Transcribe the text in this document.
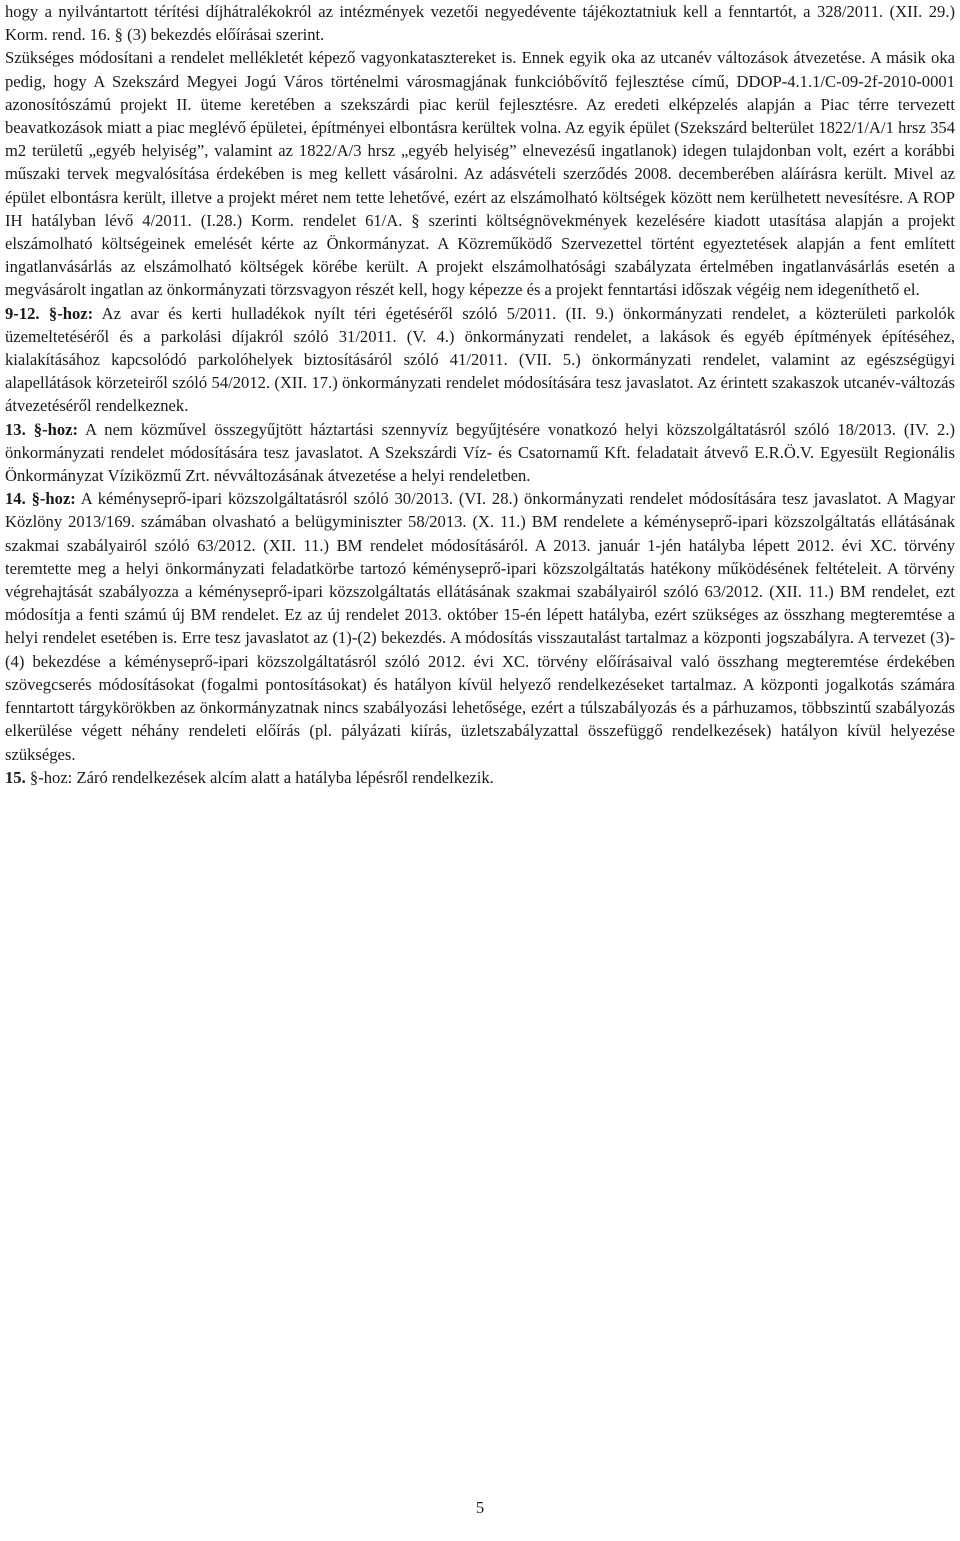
hogy a nyilvántartott térítési díjhátralékokról az intézmények vezetői negyedévente tájékoztatniuk kell a fenntartót, a 328/2011. (XII. 29.) Korm. rend. 16. § (3) bekezdés előírásai szerint.

Szükséges módosítani a rendelet mellékletét képező vagyonkatasztereket is. Ennek egyik oka az utcanév változások átvezetése. A másik oka pedig, hogy A Szekszárd Megyei Jogú Város történelmi városmagjának funkcióbővítő fejlesztése című, DDOP-4.1.1/C-09-2f-2010-0001 azonosítószámú projekt II. üteme keretében a szekszárdi piac kerül fejlesztésre. Az eredeti elképzelés alapján a Piac térre tervezett beavatkozások miatt a piac meglévő épületei, építményei elbontásra kerültek volna. Az egyik épület (Szekszárd belterület 1822/1/A/1 hrsz 354 m2 területű „egyéb helyiség”, valamint az 1822/A/3 hrsz „egyéb helyiség” elnevezésű ingatlanok) idegen tulajdonban volt, ezért a korábbi műszaki tervek megvalósítása érdekében is meg kellett vásárolni. Az adásvételi szerződés 2008. decemberében aláírásra került. Mivel az épület elbontásra került, illetve a projekt méret nem tette lehetővé, ezért az elszámolható költségek között nem kerülhetett nevesítésre. A ROP IH hatályban lévő 4/2011. (I.28.) Korm. rendelet 61/A. § szerinti költségnövekmények kezelésére kiadott utasítása alapján a projekt elszámolható költségeinek emelését kérte az Önkormányzat. A Közreműködő Szervezettel történt egyeztetések alapján a fent említett ingatlanvásárlás az elszámolható költségek körébe került. A projekt elszámolhatósági szabályzata értelmében ingatlanvásárlás esetén a megvásárolt ingatlan az önkormányzati törzsvagyon részét kell, hogy képezze és a projekt fenntartási időszak végéig nem idegeníthető el.

9-12. §-hoz: Az avar és kerti hulladékok nyílt téri égetéséről szóló 5/2011. (II. 9.) önkormányzati rendelet, a közterületi parkolók üzemeltetéséről és a parkolási díjakról szóló 31/2011. (V. 4.) önkormányzati rendelet, a lakások és egyéb építmények építéséhez, kialakításához kapcsolódó parkolóhelyek biztosításáról szóló 41/2011. (VII. 5.) önkormányzati rendelet, valamint az egészségügyi alapellátások körzeteiről szóló 54/2012. (XII. 17.) önkormányzati rendelet módosítására tesz javaslatot. Az érintett szakaszok utcanév-változás átvezetéséről rendelkeznek.

13. §-hoz: A nem közművel összegyűjtött háztartási szennyvíz begyűjtésére vonatkozó helyi közszolgáltatásról szóló 18/2013. (IV. 2.) önkormányzati rendelet módosítására tesz javaslatot. A Szekszárdi Víz- és Csatornamű Kft. feladatait átvevő E.R.Ö.V. Egyesült Regionális Önkormányzat Víziközmű Zrt. névváltozásának átvezetése a helyi rendeletben.

14. §-hoz: A kéményseprő-ipari közszolgáltatásról szóló 30/2013. (VI. 28.) önkormányzati rendelet módosítására tesz javaslatot. A Magyar Közlöny 2013/169. számában olvasható a belügyminiszter 58/2013. (X. 11.) BM rendelete a kéményseprő-ipari közszolgáltatás ellátásának szakmai szabályairól szóló 63/2012. (XII. 11.) BM rendelet módosításáról. A 2013. január 1-jén hatályba lépett 2012. évi XC. törvény teremtette meg a helyi önkormányzati feladatkörbe tartozó kéményseprő-ipari közszolgáltatás hatékony működésének feltételeit. A törvény végrehajtását szabályozza a kéményseprő-ipari közszolgáltatás ellátásának szakmai szabályairól szóló 63/2012. (XII. 11.) BM rendelet, ezt módosítja a fenti számú új BM rendelet. Ez az új rendelet 2013. október 15-én lépett hatályba, ezért szükséges az összhang megteremtése a helyi rendelet esetében is. Erre tesz javaslatot az (1)-(2) bekezdés. A módosítás visszautalást tartalmaz a központi jogszabályra. A tervezet (3)-(4) bekezdése a kéményseprő-ipari közszolgáltatásról szóló 2012. évi XC. törvény előírásaival való összhang megteremtése érdekében szövegcserés módosításokat (fogalmi pontosításokat) és hatályon kívül helyező rendelkezéseket tartalmaz. A központi jogalkotás számára fenntartott tárgykörökben az önkormányzatnak nincs szabályozási lehetősége, ezért a túlszabályozás és a párhuzamos, többszintű szabályozás elkerülése végett néhány rendeleti előírás (pl. pályázati kiírás, üzletszabályzattal összefüggő rendelkezések) hatályon kívül helyezése szükséges.

15. §-hoz: Záró rendelkezések alcím alatt a hatályba lépésről rendelkezik.

5
